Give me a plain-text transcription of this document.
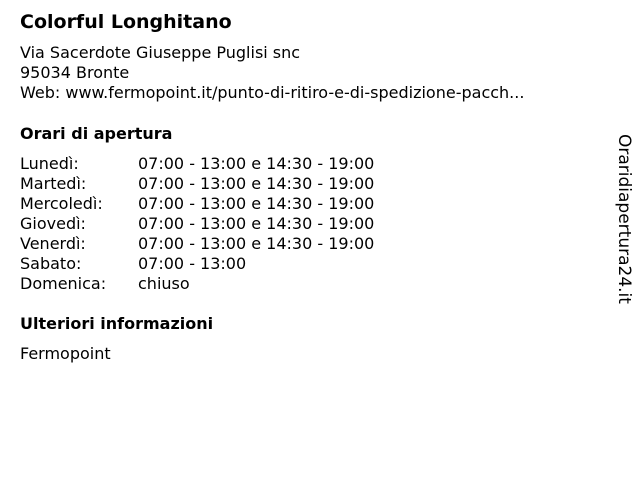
Colorful Longhitano
Via Sacerdote Giuseppe Puglisi snc
95034 Bronte
Web: www.fermopoint.it/punto-di-ritiro-e-di-spedizione-pacch...
Orari di apertura
Lunedì:	07:00 - 13:00 e 14:30 - 19:00
Martedì:	07:00 - 13:00 e 14:30 - 19:00
Mercoledì:	07:00 - 13:00 e 14:30 - 19:00
Giovedì:	07:00 - 13:00 e 14:30 - 19:00
Venerdì:	07:00 - 13:00 e 14:30 - 19:00
Sabato:	07:00 - 13:00
Domenica:	chiuso
Ulteriori informazioni
Fermopoint
Oraridiapertura24.it
